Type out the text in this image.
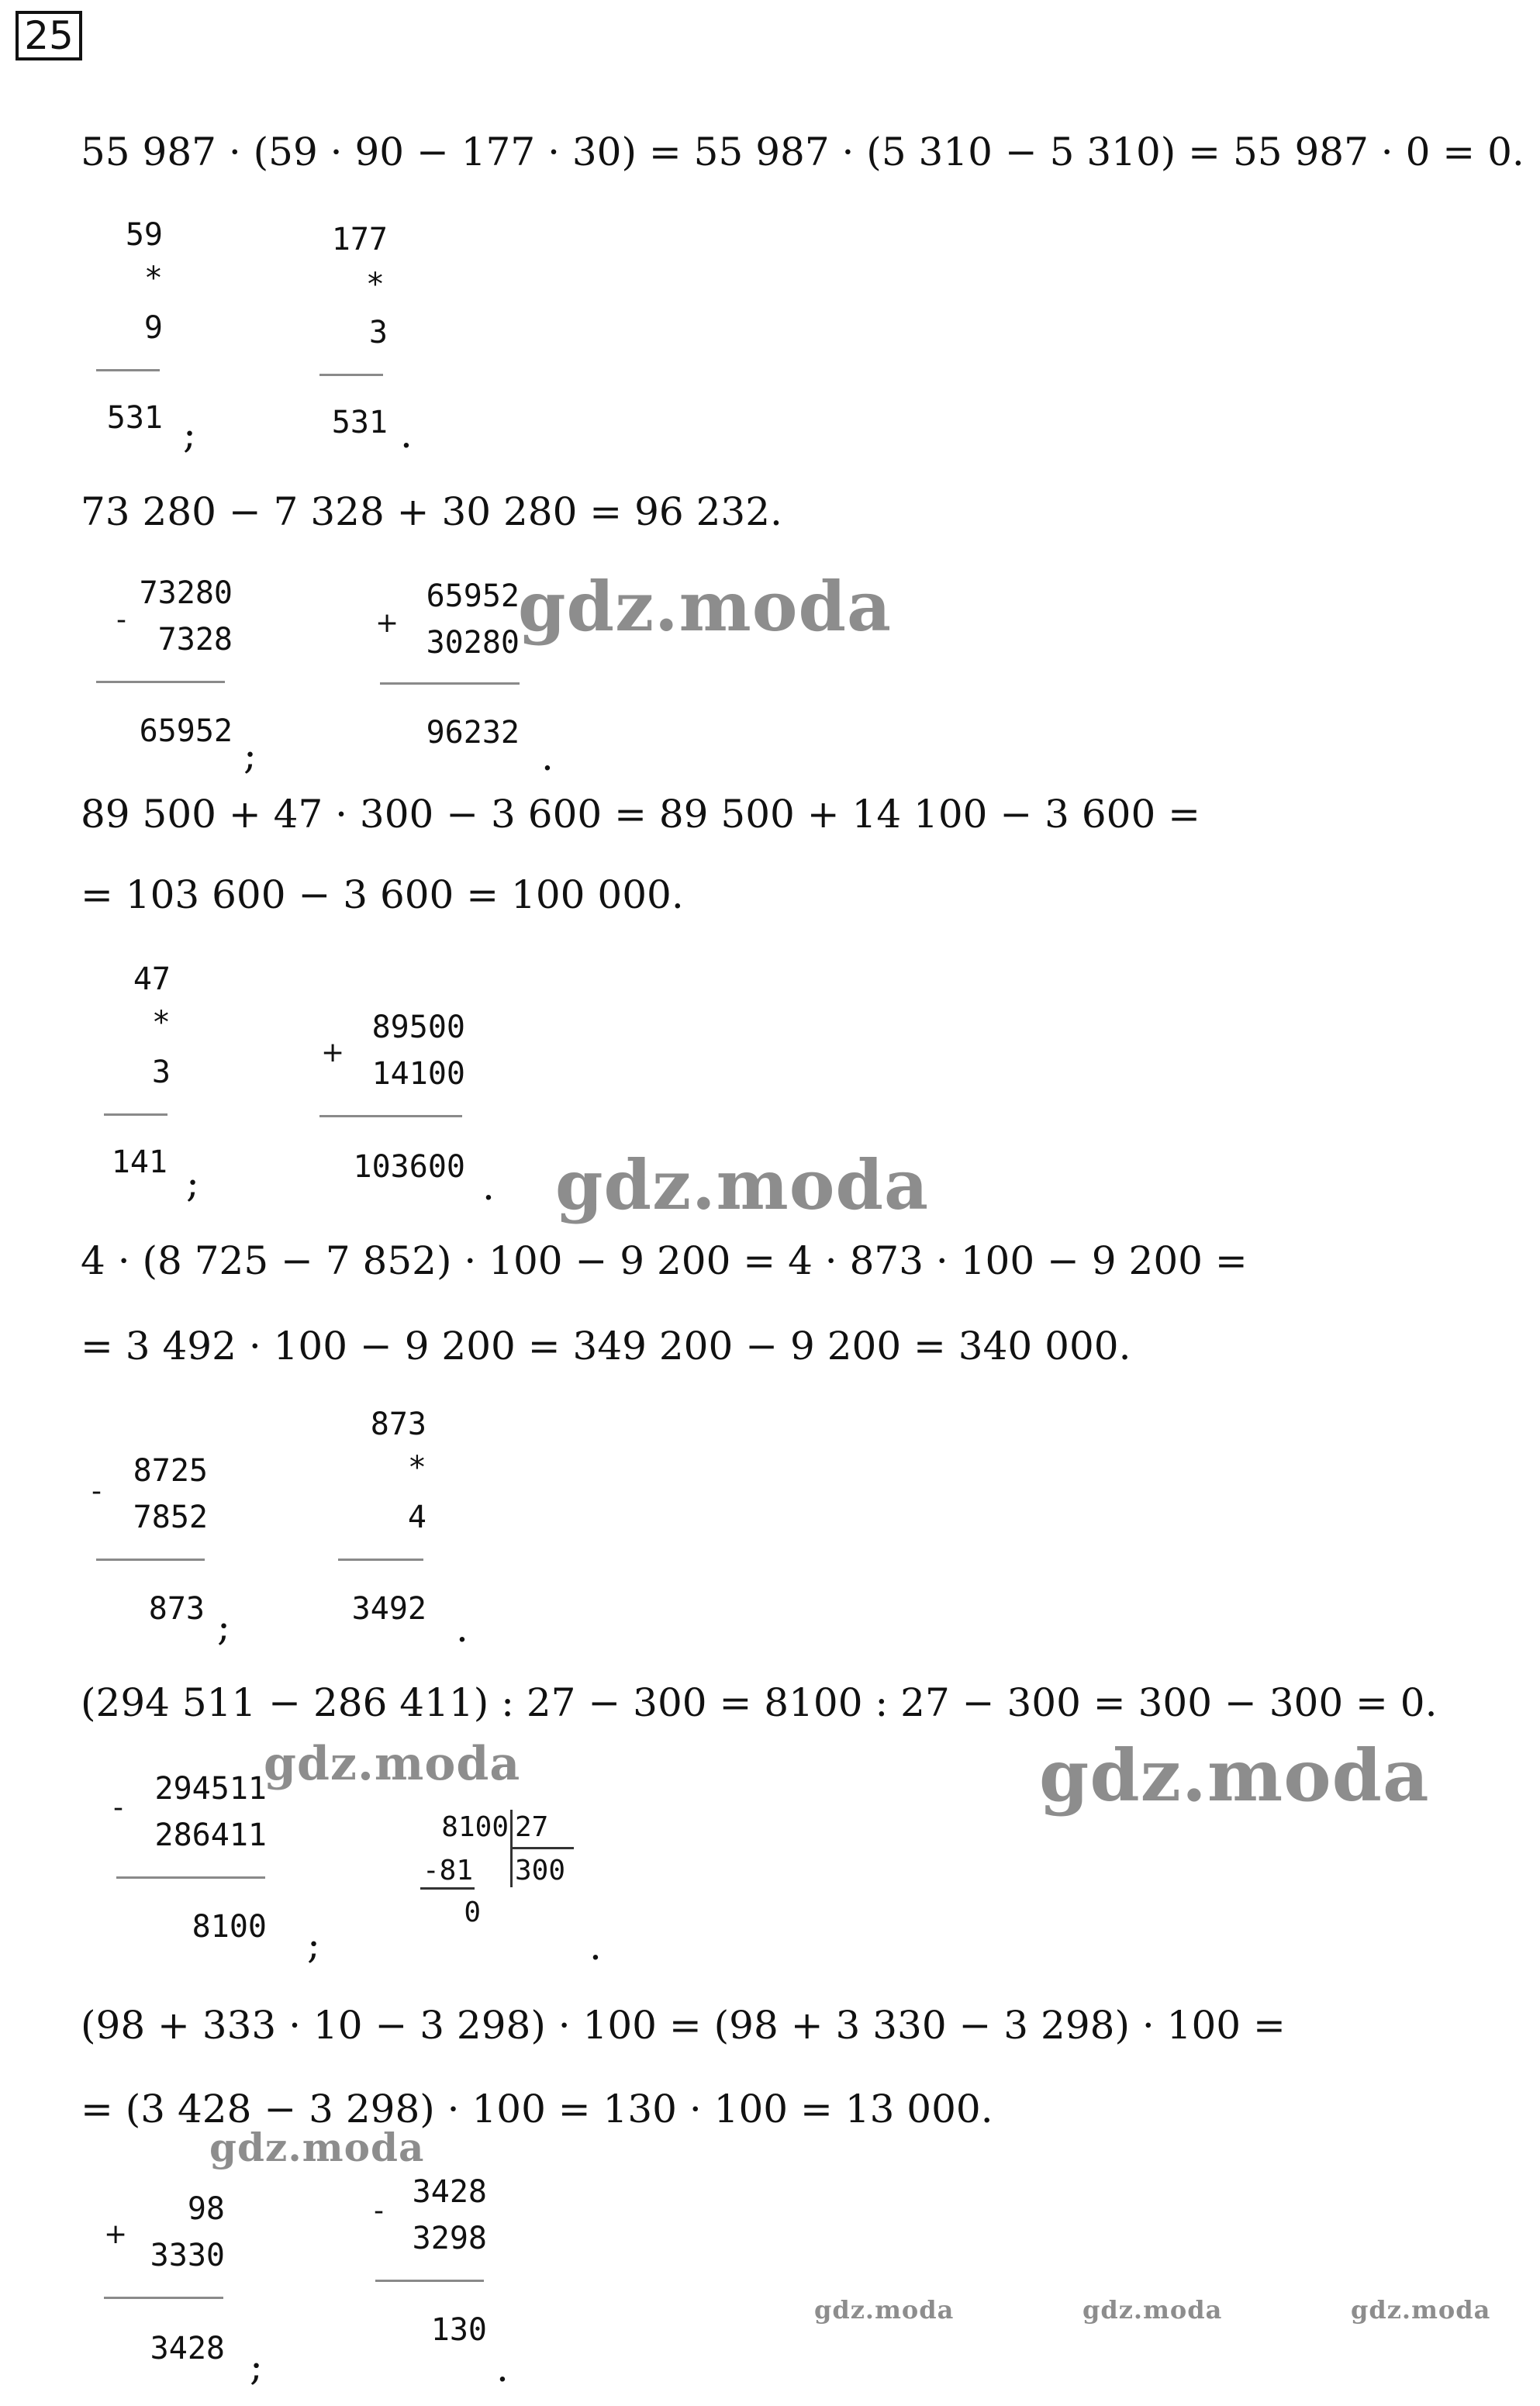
25
55 987 · (59 · 90 − 177 · 30) = 55 987 · (5 310 − 5 310) = 55 987 · 0 = 0.
73 280 − 7 328 + 30 280 = 96 232.
89 500 + 47 · 300 − 3 600 = 89 500 + 14 100 − 3 600 =
= 103 600 − 3 600 = 100 000.
4 · (8 725 − 7 852) · 100 − 9 200 = 4 · 873 · 100 − 9 200 =
= 3 492 · 100 − 9 200 = 349 200 − 9 200 = 340 000.
(294 511 − 286 411) : 27 − 300 = 8100 : 27 − 300 = 300 − 300 = 0.
(98 + 333 · 10 − 3 298) · 100 = (98 + 3 330 − 3 298) · 100 =
= (3 428 − 3 298) · 100 = 130 · 100 = 13 000.
59
*
9
531 ;
177
*
3
531 .
73280
-
7328
65952
;
65952
+
30280
96232
.
47
*
3
141 ;
89500
+
14100
103600 .
8725
-
7852
873 ;
873
*
4
3492 .
294511
-
286411
8100 ;
8100 27
300
-81
0
.
98
+
3330
3428 ;
3428
-
3298
130
.
gdz.moda
gdz.moda
gdz.moda
gdz.moda
gdz.moda
gdz.moda	gdz.moda	gdz.moda
